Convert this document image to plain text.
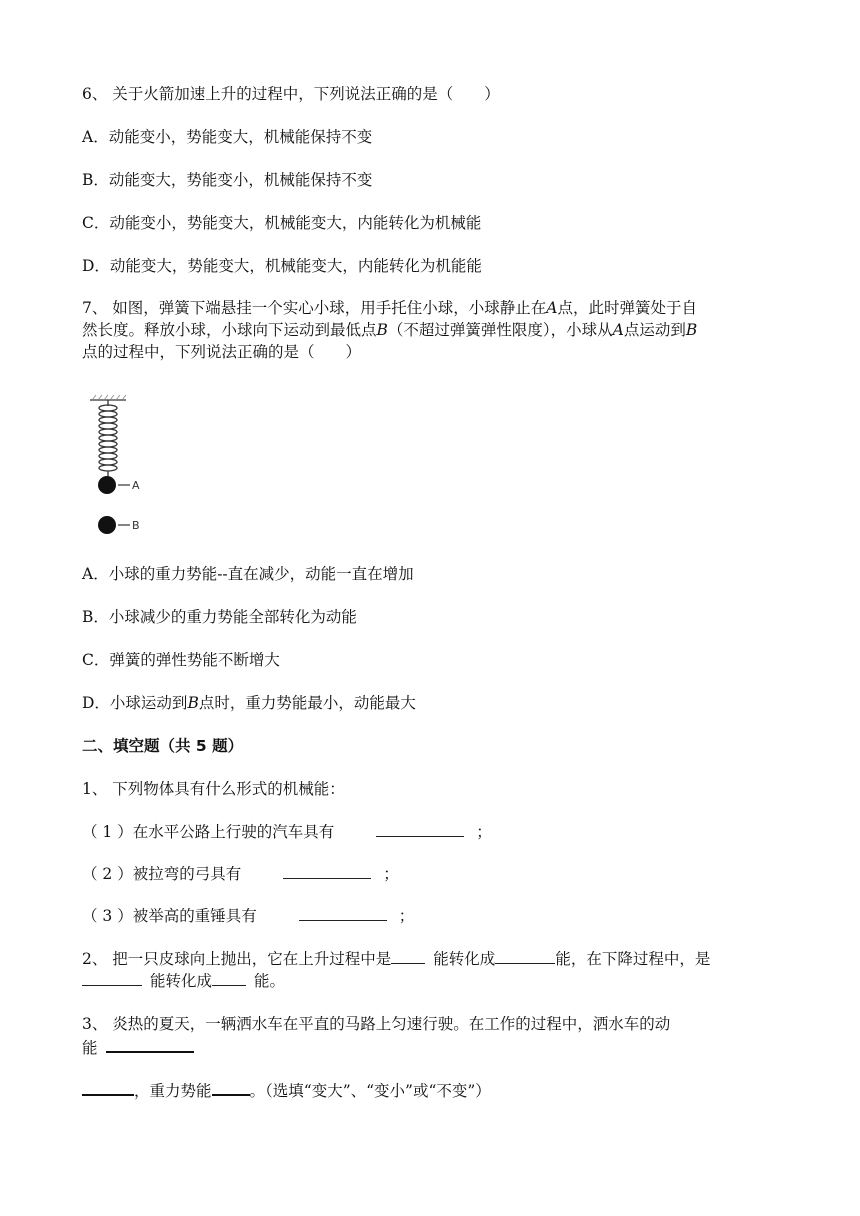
6、 关于火箭加速上升的过程中，下列说法正确的是（　　）
A．动能变小，势能变大，机械能保持不变
B．动能变大，势能变小，机械能保持不变
C．动能变小，势能变大，机械能变大，内能转化为机械能
D．动能变大，势能变大，机械能变大，内能转化为机能能
7、 如图，弹簧下端悬挂一个实心小球，用手托住小球，小球静止在A点，此时弹簧处于自
然长度。释放小球，小球向下运动到最低点B（不超过弹簧弹性限度），小球从A点运动到B
点的过程中，下列说法正确的是（　　）
A
B
A．小球的重力势能--直在减少，动能一直在增加
B．小球减少的重力势能全部转化为动能
C．弹簧的弹性势能不断增大
D．小球运动到B点时，重力势能最小，动能最大
二、填空题（共 5 题）
1、 下列物体具有什么形式的机械能：
（ 1 ）在水平公路上行驶的汽车具有	；
（ 2 ）被拉弯的弓具有	；
（ 3 ）被举高的重锤具有	；
2、 把一只皮球向上抛出，它在上升过程中是	能转化成	能，在下降过程中，是
能转化成	能。
3、 炎热的夏天，一辆洒水车在平直的马路上匀速行驶。在工作的过程中，洒水车的动
能
，重力势能 。（选填“变大”、“变小”或“不变”）
